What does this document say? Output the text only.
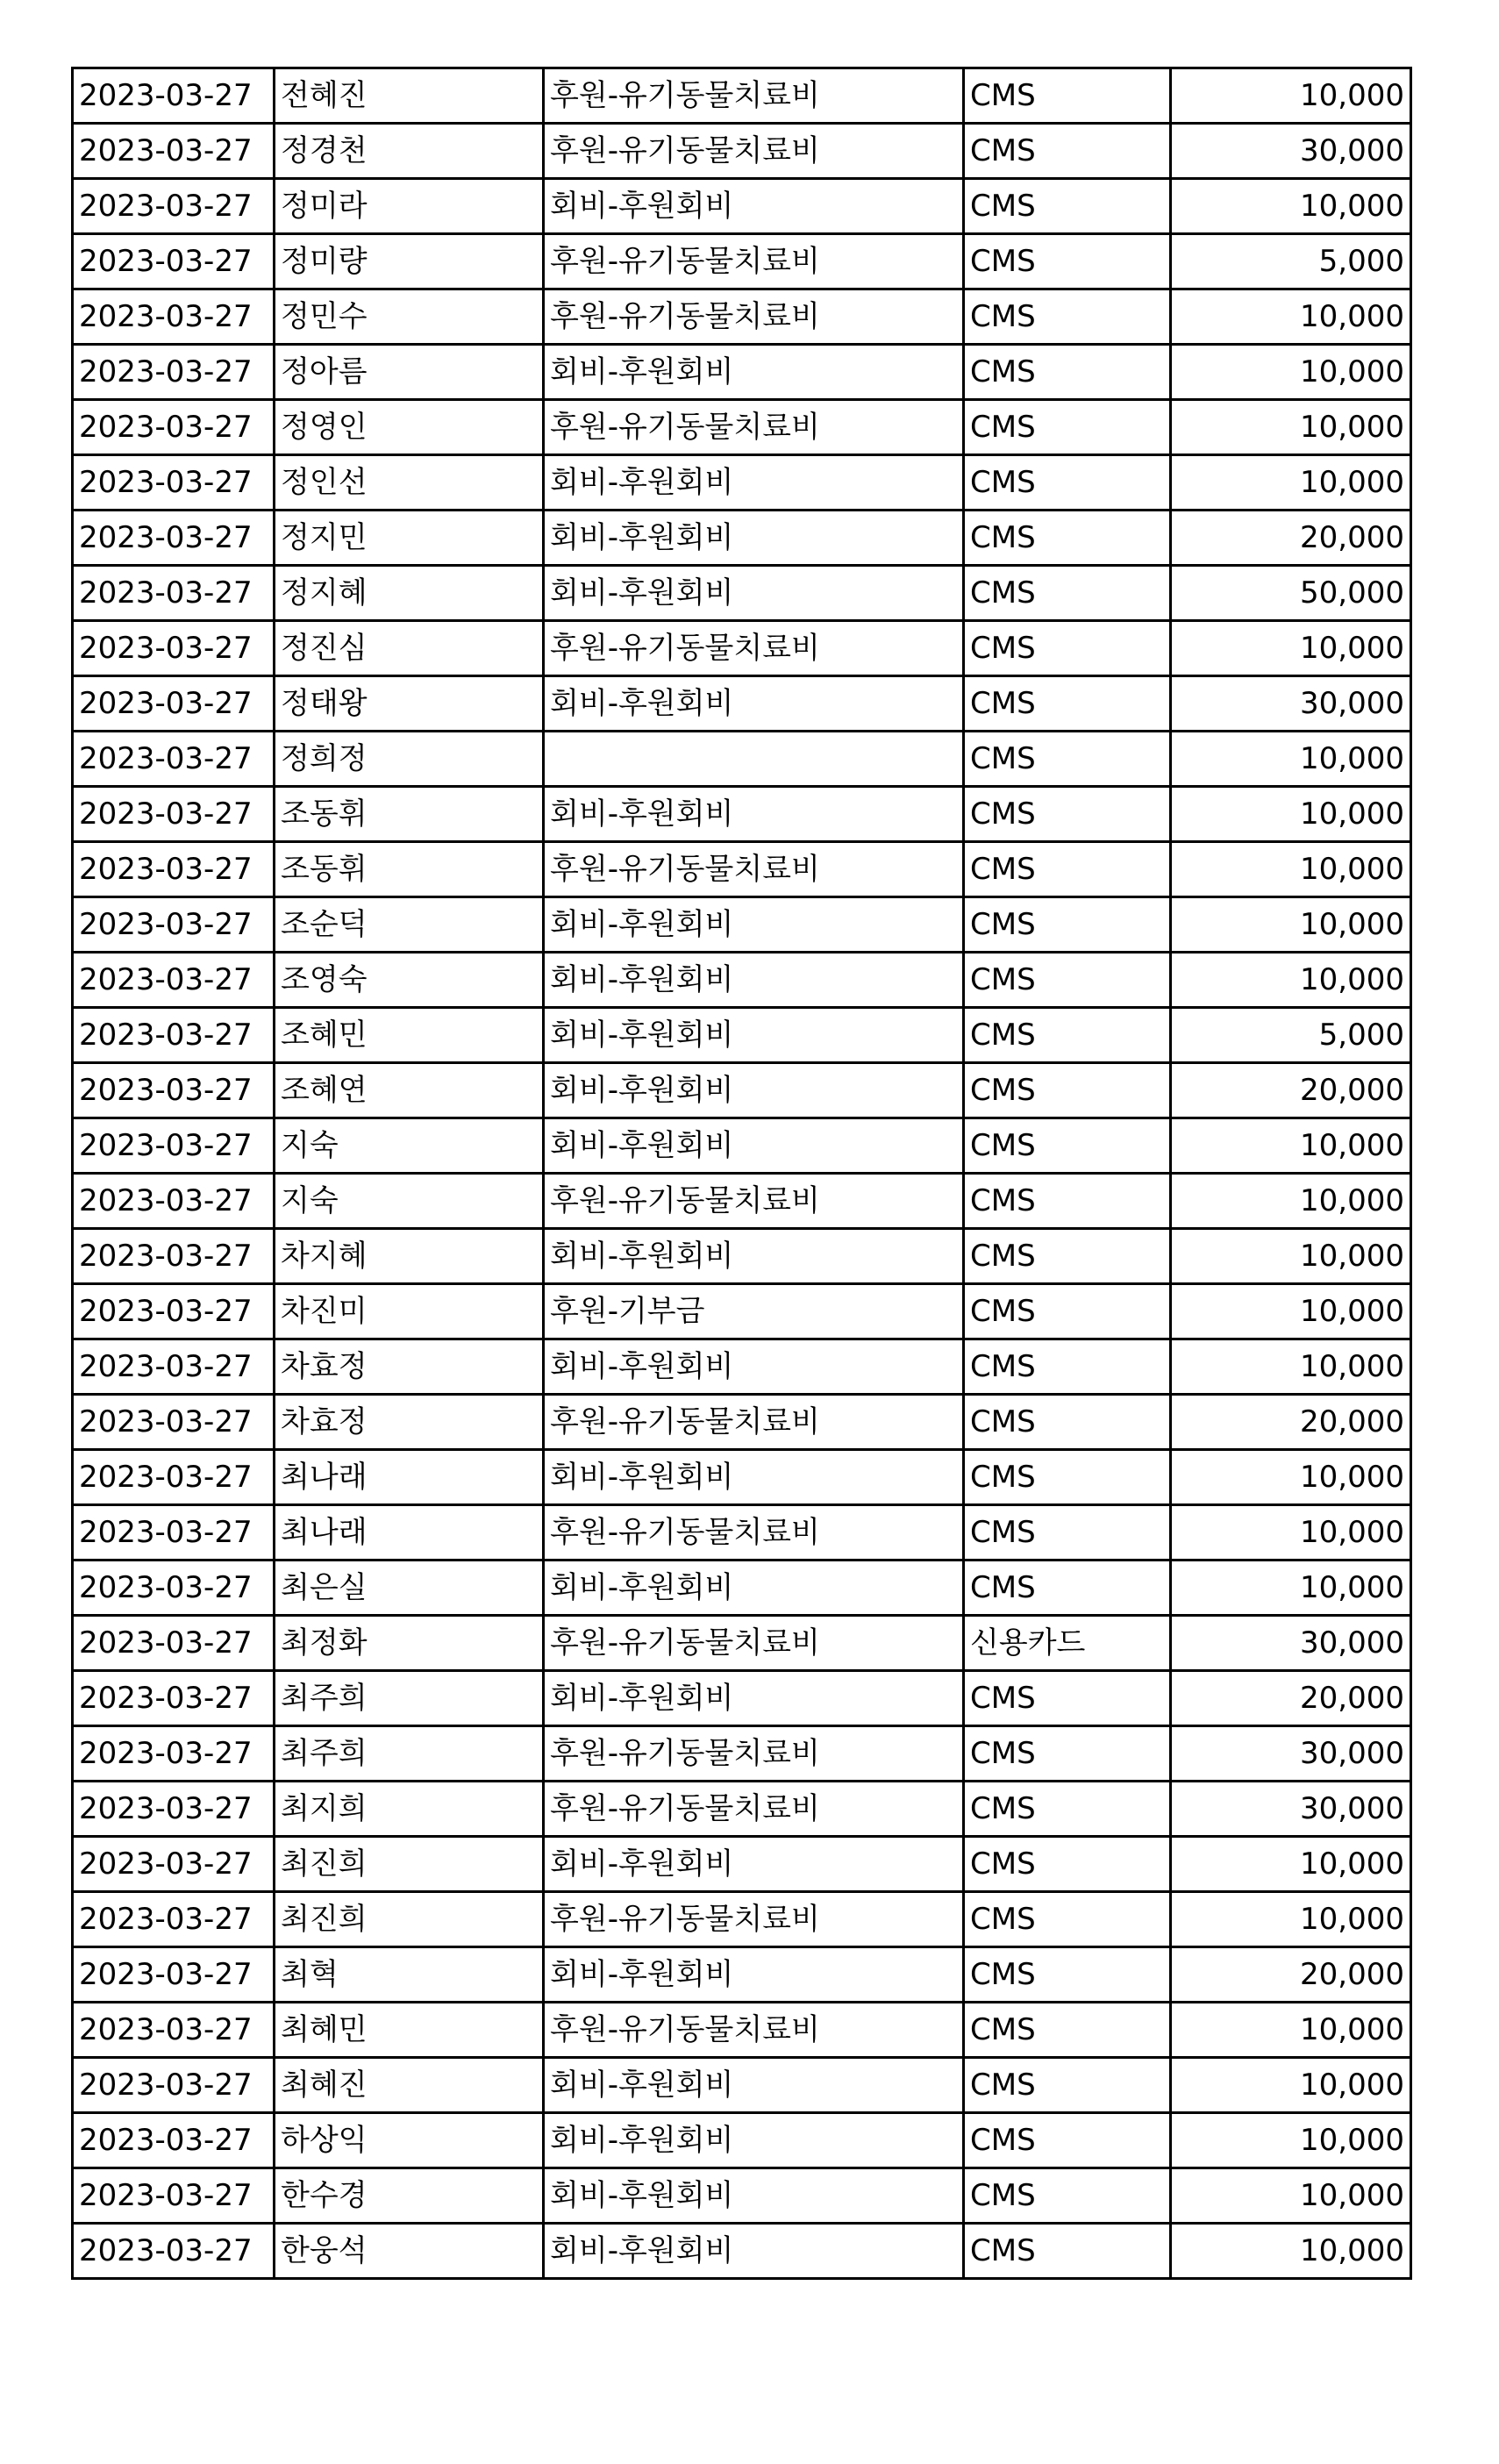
2023-03-27	전혜진	후원-유기동물치료비	CMS	10,000
2023-03-27	정경천	후원-유기동물치료비	CMS	30,000
2023-03-27	정미라	회비-후원회비	CMS	10,000
2023-03-27	정미량	후원-유기동물치료비	CMS	5,000
2023-03-27	정민수	후원-유기동물치료비	CMS	10,000
2023-03-27	정아름	회비-후원회비	CMS	10,000
2023-03-27	정영인	후원-유기동물치료비	CMS	10,000
2023-03-27	정인선	회비-후원회비	CMS	10,000
2023-03-27	정지민	회비-후원회비	CMS	20,000
2023-03-27	정지혜	회비-후원회비	CMS	50,000
2023-03-27	정진심	후원-유기동물치료비	CMS	10,000
2023-03-27	정태왕	회비-후원회비	CMS	30,000
2023-03-27	정희정		CMS	10,000
2023-03-27	조동휘	회비-후원회비	CMS	10,000
2023-03-27	조동휘	후원-유기동물치료비	CMS	10,000
2023-03-27	조순덕	회비-후원회비	CMS	10,000
2023-03-27	조영숙	회비-후원회비	CMS	10,000
2023-03-27	조혜민	회비-후원회비	CMS	5,000
2023-03-27	조혜연	회비-후원회비	CMS	20,000
2023-03-27	지숙	회비-후원회비	CMS	10,000
2023-03-27	지숙	후원-유기동물치료비	CMS	10,000
2023-03-27	차지혜	회비-후원회비	CMS	10,000
2023-03-27	차진미	후원-기부금	CMS	10,000
2023-03-27	차효정	회비-후원회비	CMS	10,000
2023-03-27	차효정	후원-유기동물치료비	CMS	20,000
2023-03-27	최나래	회비-후원회비	CMS	10,000
2023-03-27	최나래	후원-유기동물치료비	CMS	10,000
2023-03-27	최은실	회비-후원회비	CMS	10,000
2023-03-27	최정화	후원-유기동물치료비	신용카드	30,000
2023-03-27	최주희	회비-후원회비	CMS	20,000
2023-03-27	최주희	후원-유기동물치료비	CMS	30,000
2023-03-27	최지희	후원-유기동물치료비	CMS	30,000
2023-03-27	최진희	회비-후원회비	CMS	10,000
2023-03-27	최진희	후원-유기동물치료비	CMS	10,000
2023-03-27	최혁	회비-후원회비	CMS	20,000
2023-03-27	최혜민	후원-유기동물치료비	CMS	10,000
2023-03-27	최혜진	회비-후원회비	CMS	10,000
2023-03-27	하상익	회비-후원회비	CMS	10,000
2023-03-27	한수경	회비-후원회비	CMS	10,000
2023-03-27	한웅석	회비-후원회비	CMS	10,000
